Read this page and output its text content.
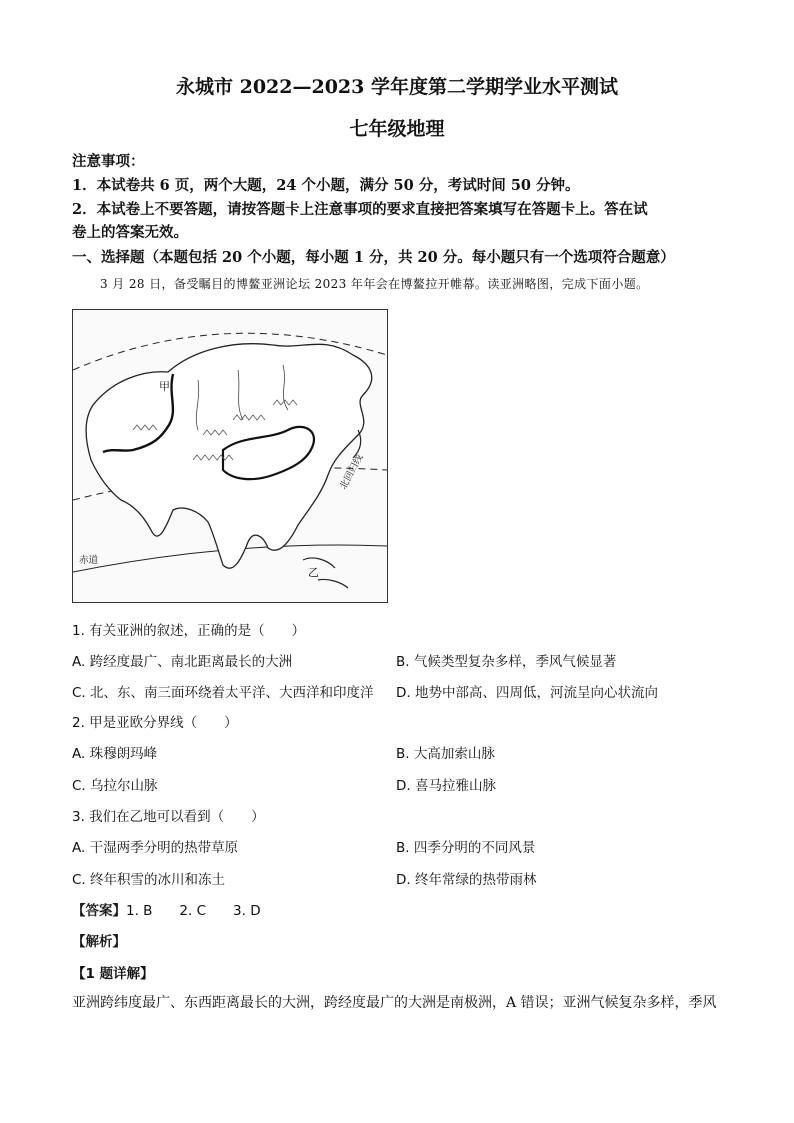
永城市 2022—2023 学年度第二学期学业水平测试
七年级地理
注意事项：
1．本试卷共 6 页，两个大题，24 个小题，满分 50 分，考试时间 50 分钟。
2．本试卷上不要答题，请按答题卡上注意事项的要求直接把答案填写在答题卡上。答在试
卷上的答案无效。
一、选择题（本题包括 20 个小题，每小题 1 分，共 20 分。每小题只有一个选项符合题意）
3 月 28 日，备受瞩目的博鳌亚洲论坛 2023 年年会在博鳌拉开帷幕。读亚洲略图，完成下面小题。
甲
乙
北回归线
赤道
1. 有关亚洲的叙述，正确的是（　　）
A. 跨经度最广、南北距离最长的大洲	B. 气候类型复杂多样，季风气候显著
C. 北、东、南三面环绕着太平洋、大西洋和印度洋 D. 地势中部高、四周低，河流呈向心状流向
2. 甲是亚欧分界线（　　）
A. 珠穆朗玛峰	B. 大高加索山脉
C. 乌拉尔山脉	D. 喜马拉雅山脉
3. 我们在乙地可以看到（　　）
A. 干湿两季分明的热带草原	B. 四季分明的不同风景
C. 终年积雪的冰川和冻土	D. 终年常绿的热带雨林
【答案】1. B　　2. C　　3. D
【解析】
【1 题详解】
亚洲跨纬度最广、东西距离最长的大洲，跨经度最广的大洲是南极洲，A 错误；亚洲气候复杂多样，季风
